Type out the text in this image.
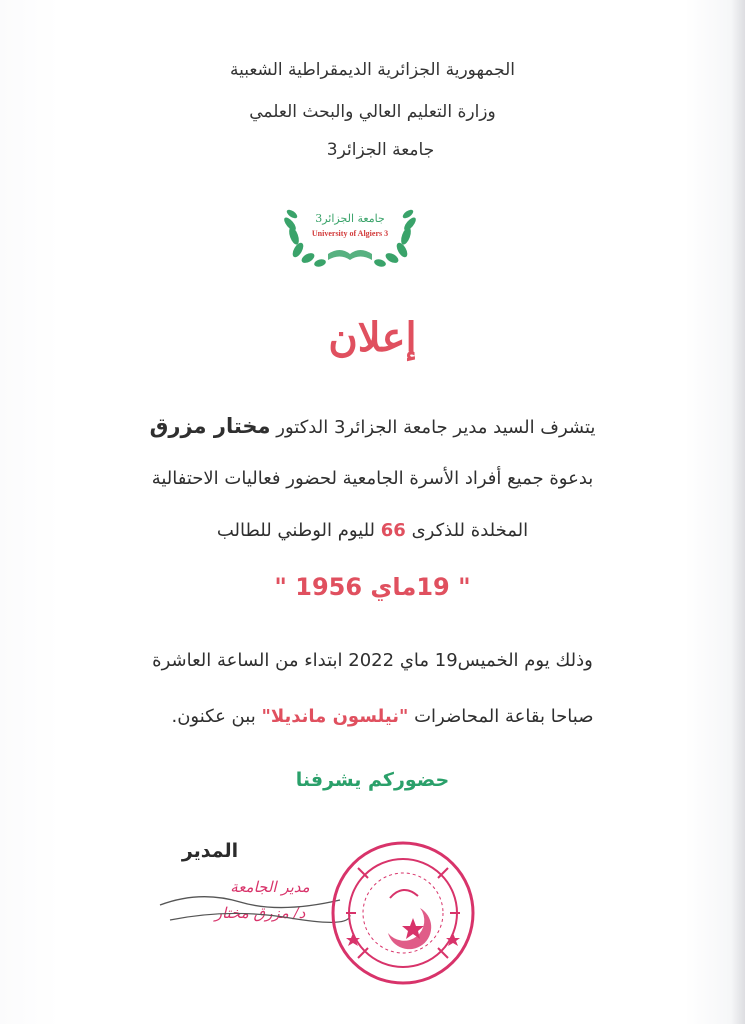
الجمهورية الجزائرية الديمقراطية الشعبية
وزارة التعليم العالي والبحث العلمي
جامعة الجزائر3
جامعة الجزائر3
University of Algiers 3
إعلان
يتشرف السيد مدير جامعة الجزائر3 الدكتور مختار مزرق
بدعوة جميع أفراد الأسرة الجامعية لحضور فعاليات الاحتفالية
المخلدة للذكرى 66 لليوم الوطني للطالب
" 19ماي 1956 "
وذلك يوم الخميس19 ماي 2022 ابتداء من الساعة العاشرة
صباحا بقاعة المحاضرات "نيلسون مانديلا" ببن عكنون.
حضوركم يشرفنا
المدير
مدير الجامعة
د/ مزرق مختار
